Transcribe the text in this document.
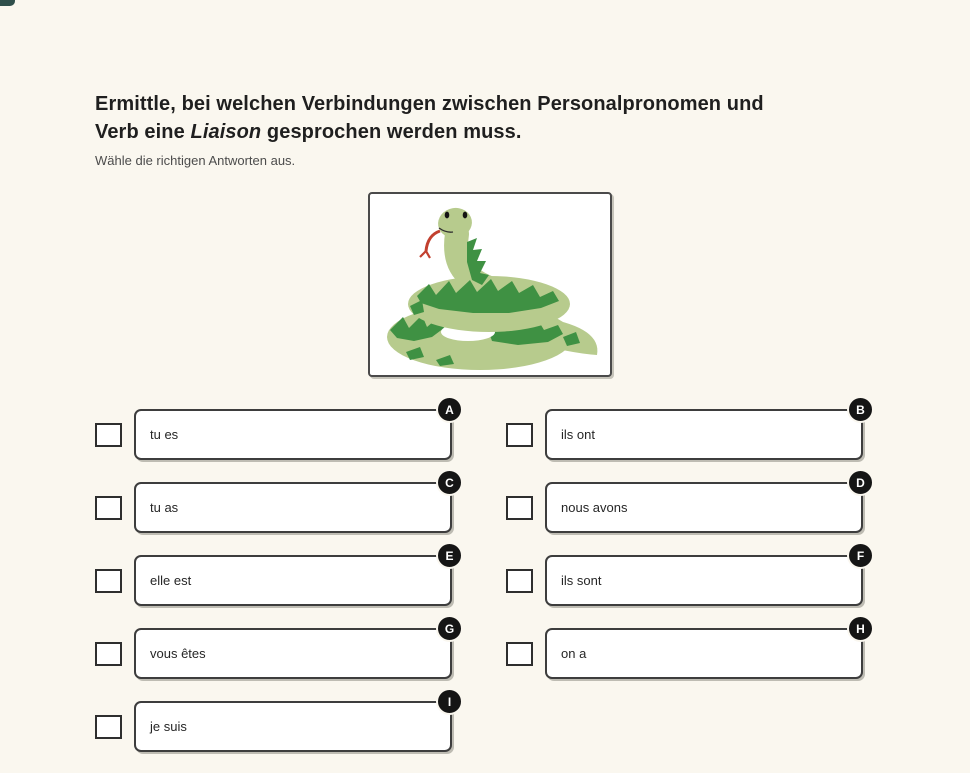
Ermittle, bei welchen Verbindungen zwischen Personalpronomen und
Verb eine Liaison gesprochen werden muss.
Wähle die richtigen Antworten aus.
tu es
A
ils ont
B
tu as
C
nous avons
D
elle est
E
ils sont
F
vous êtes
G
on a
H
je suis
I
